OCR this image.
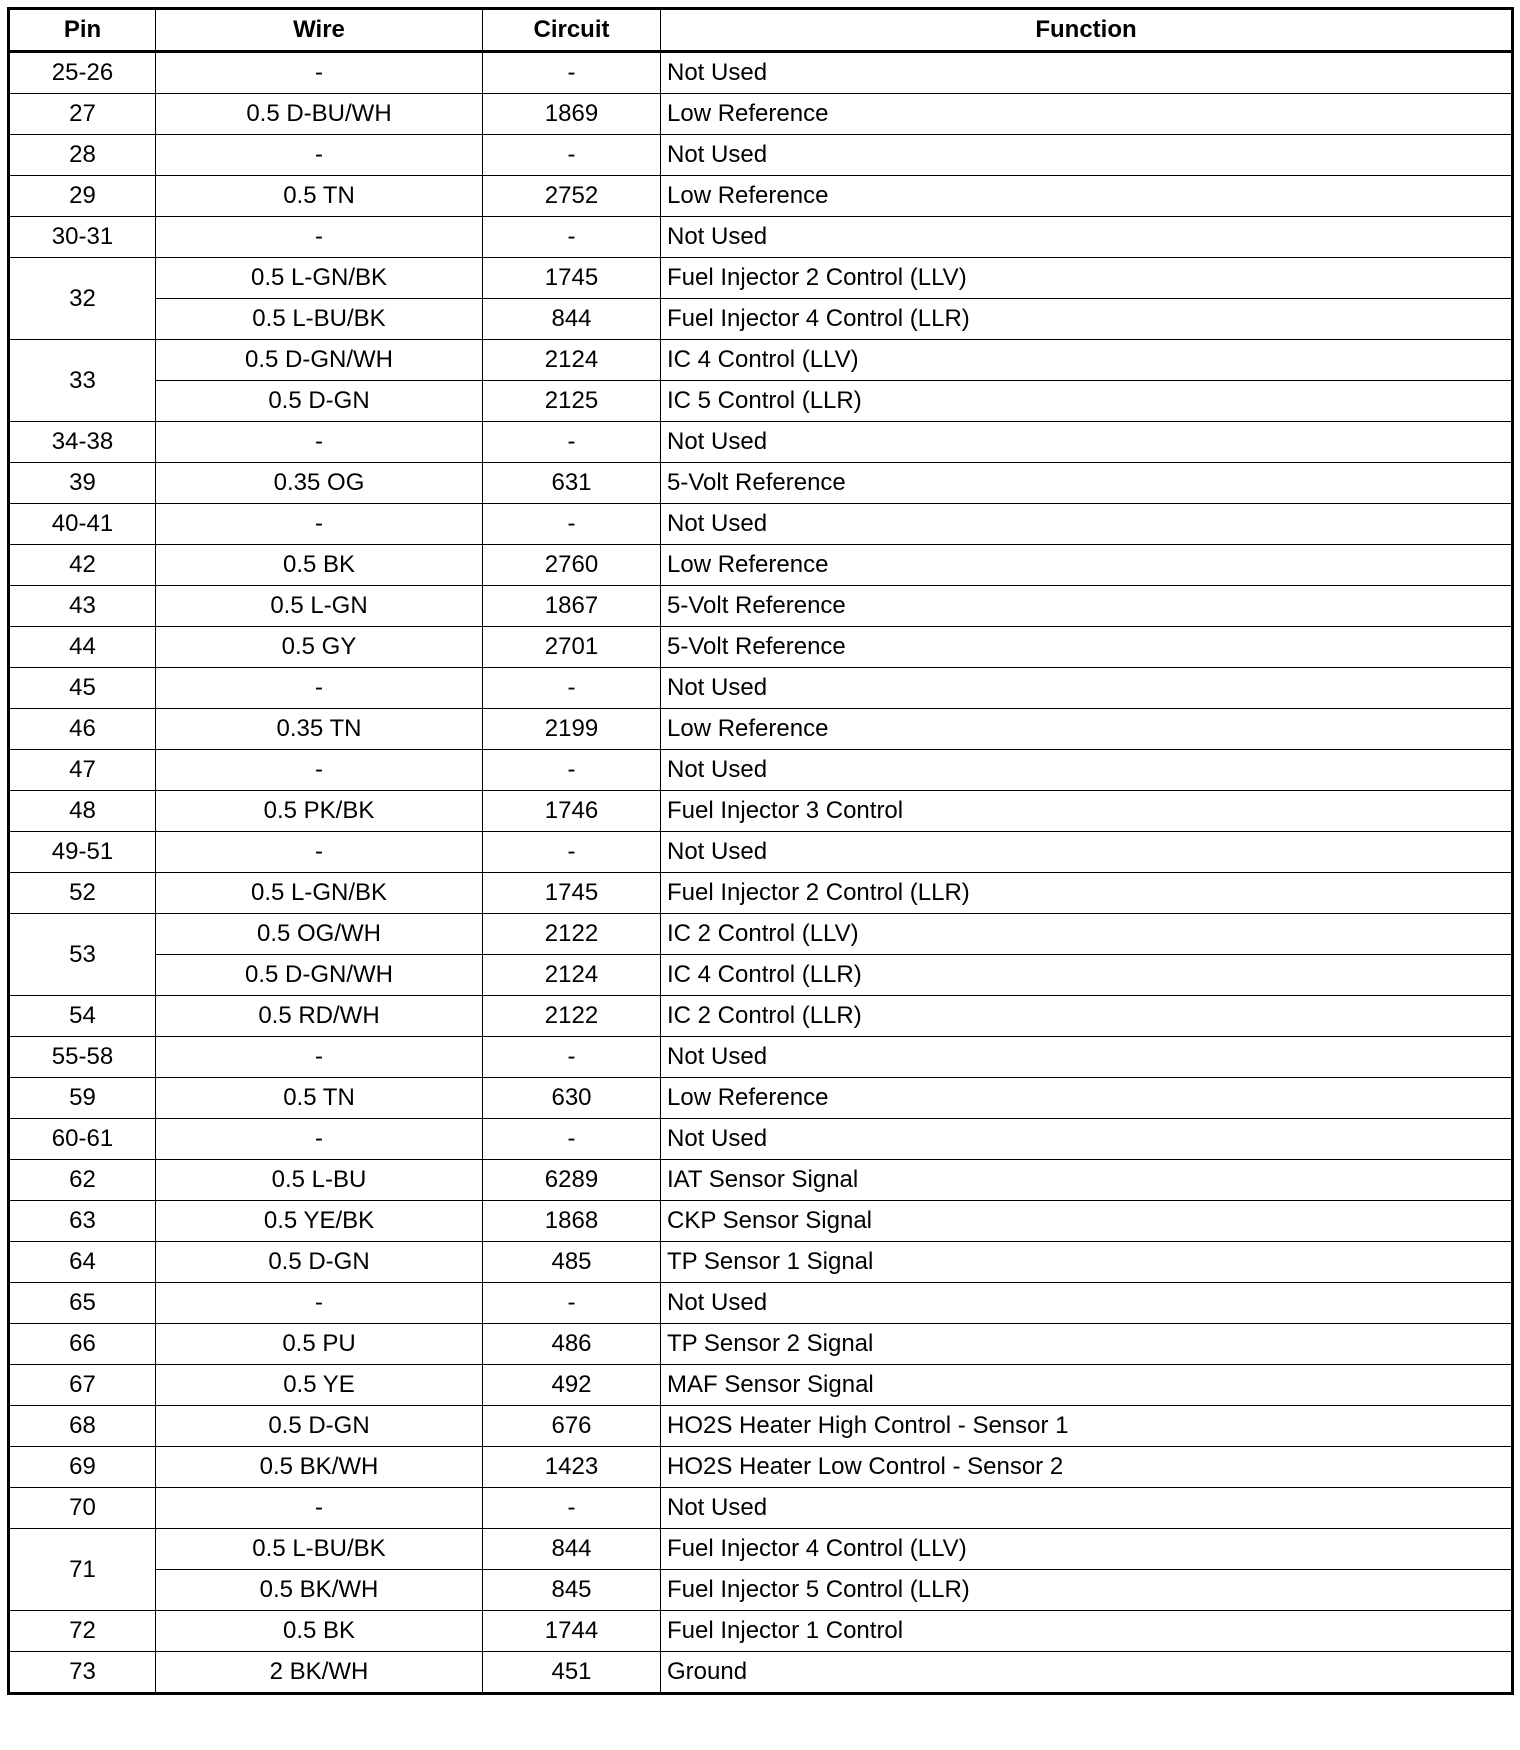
Pin	Wire	Circuit	Function
25-26	-	-	Not Used
27	0.5 D-BU/WH	1869	Low Reference
28	-	-	Not Used
29	0.5 TN	2752	Low Reference
30-31	-	-	Not Used
32	0.5 L-GN/BK	1745	Fuel Injector 2 Control (LLV)
	0.5 L-BU/BK	844	Fuel Injector 4 Control (LLR)
33	0.5 D-GN/WH	2124	IC 4 Control (LLV)
	0.5 D-GN	2125	IC 5 Control (LLR)
34-38	-	-	Not Used
39	0.35 OG	631	5-Volt Reference
40-41	-	-	Not Used
42	0.5 BK	2760	Low Reference
43	0.5 L-GN	1867	5-Volt Reference
44	0.5 GY	2701	5-Volt Reference
45	-	-	Not Used
46	0.35 TN	2199	Low Reference
47	-	-	Not Used
48	0.5 PK/BK	1746	Fuel Injector 3 Control
49-51	-	-	Not Used
52	0.5 L-GN/BK	1745	Fuel Injector 2 Control (LLR)
53	0.5 OG/WH	2122	IC 2 Control (LLV)
	0.5 D-GN/WH	2124	IC 4 Control (LLR)
54	0.5 RD/WH	2122	IC 2 Control (LLR)
55-58	-	-	Not Used
59	0.5 TN	630	Low Reference
60-61	-	-	Not Used
62	0.5 L-BU	6289	IAT Sensor Signal
63	0.5 YE/BK	1868	CKP Sensor Signal
64	0.5 D-GN	485	TP Sensor 1 Signal
65	-	-	Not Used
66	0.5 PU	486	TP Sensor 2 Signal
67	0.5 YE	492	MAF Sensor Signal
68	0.5 D-GN	676	HO2S Heater High Control - Sensor 1
69	0.5 BK/WH	1423	HO2S Heater Low Control - Sensor 2
70	-	-	Not Used
71	0.5 L-BU/BK	844	Fuel Injector 4 Control (LLV)
	0.5 BK/WH	845	Fuel Injector 5 Control (LLR)
72	0.5 BK	1744	Fuel Injector 1 Control
73	2 BK/WH	451	Ground
